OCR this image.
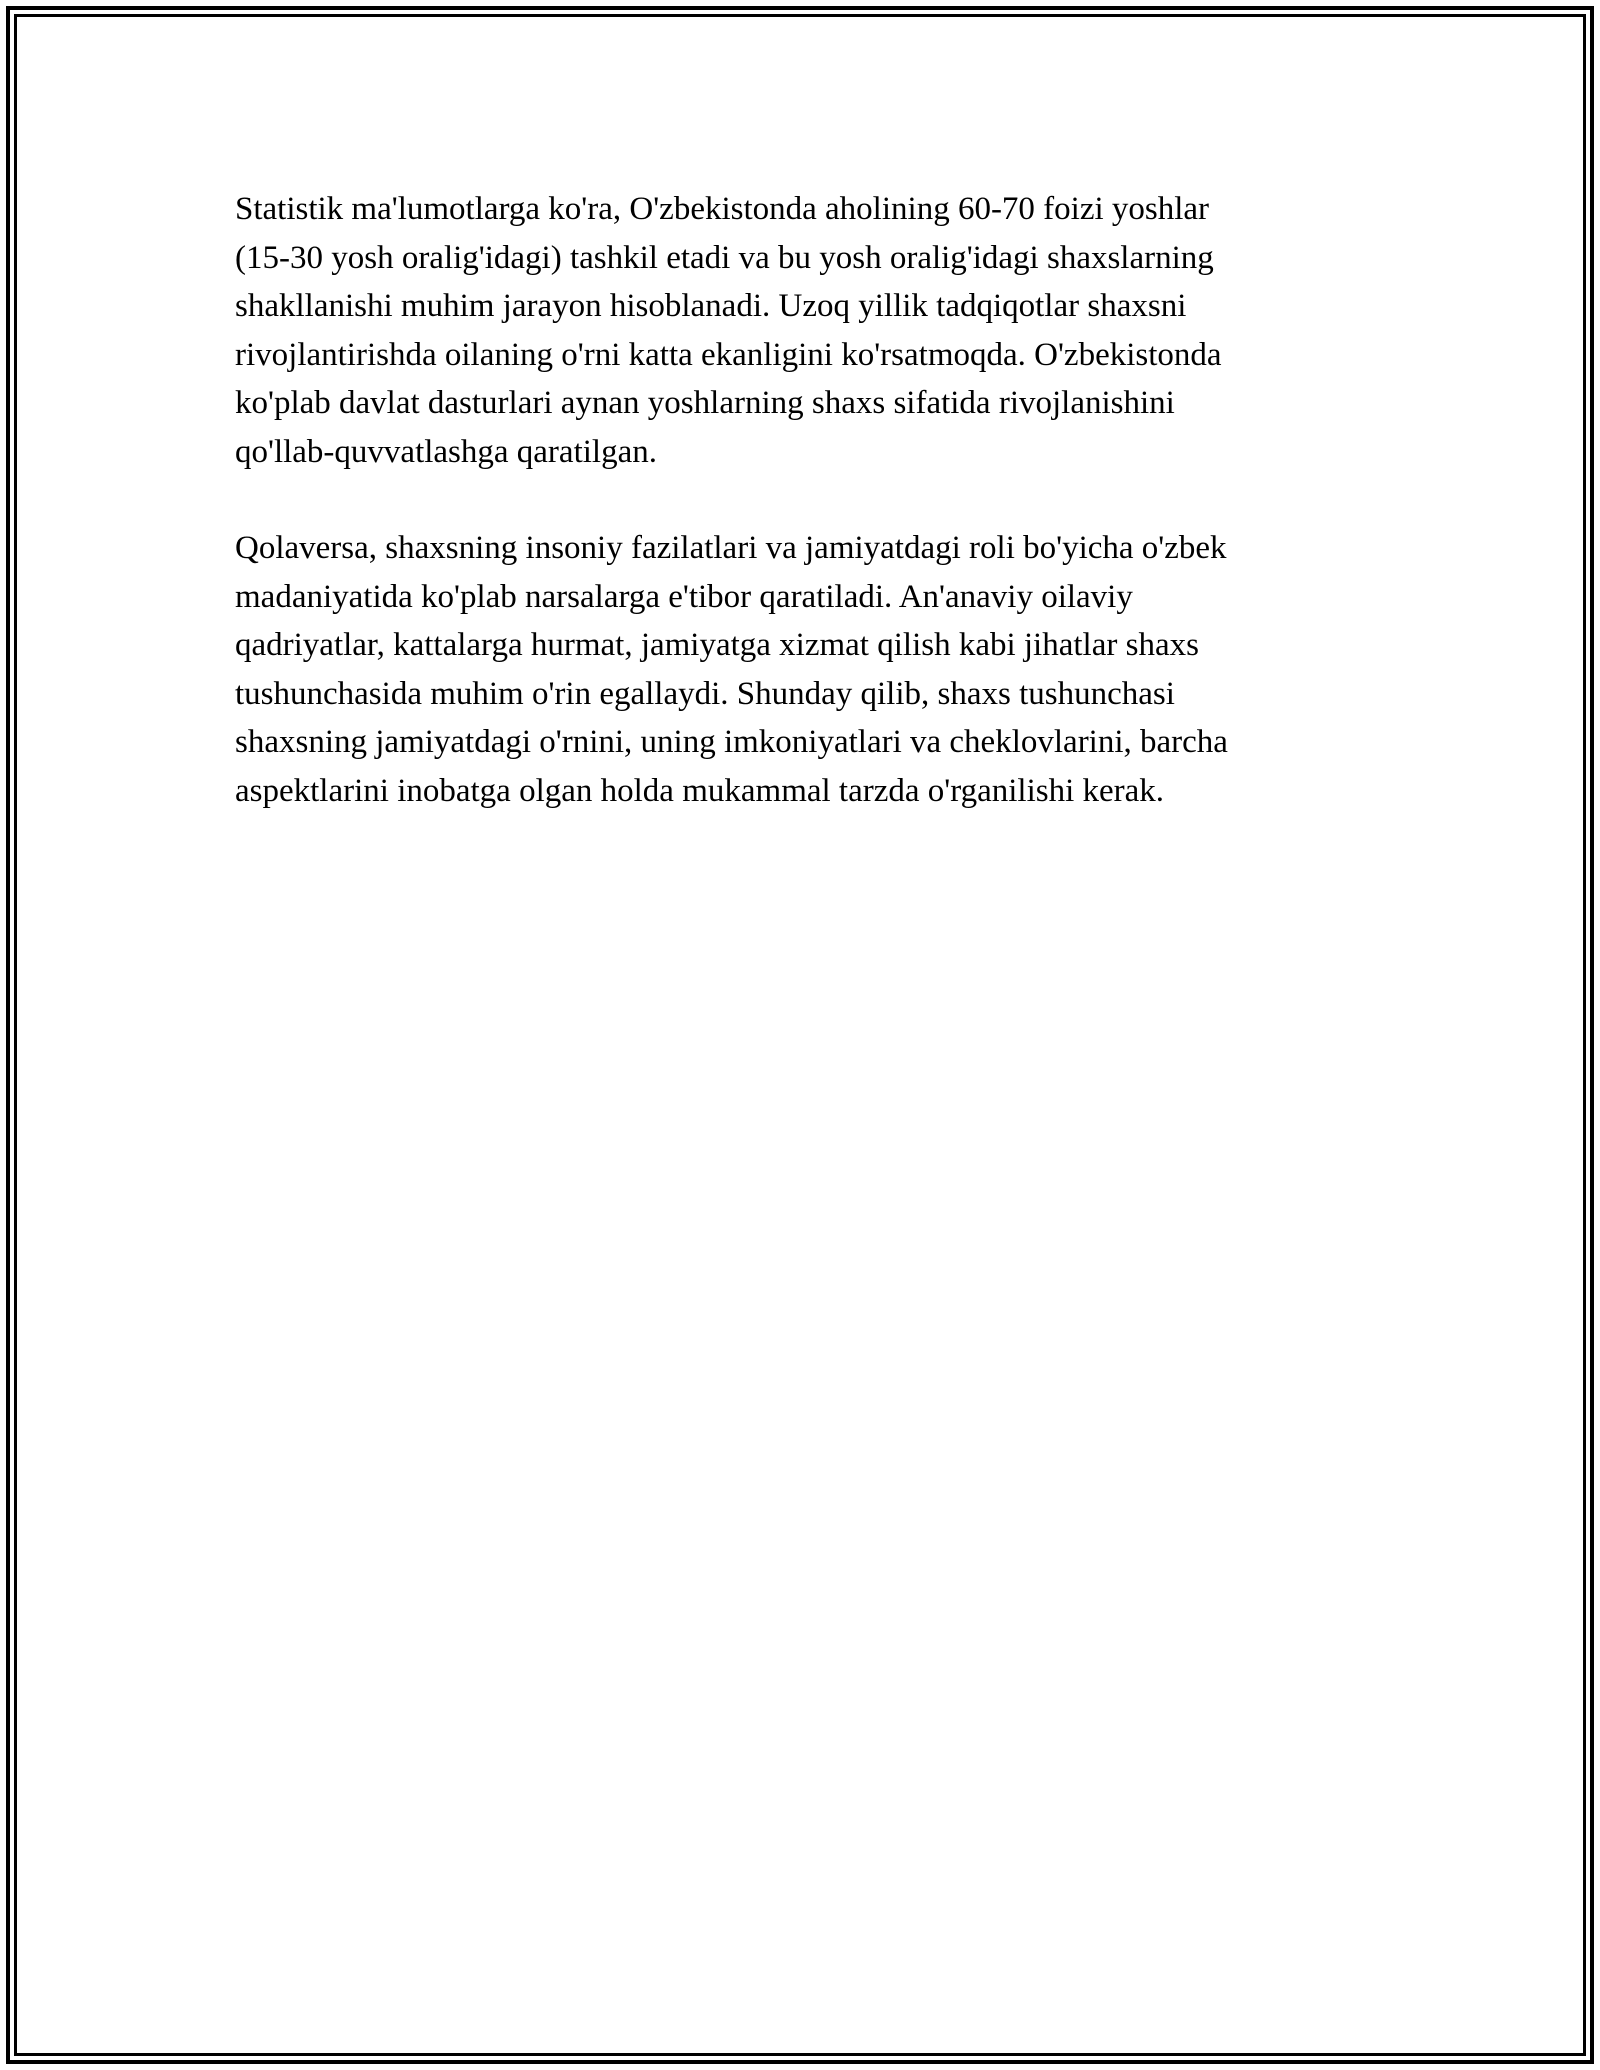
Statistik ma'lumotlarga ko'ra, O'zbekistonda aholining 60-70 foizi yoshlar
(15-30 yosh oralig'idagi) tashkil etadi va bu yosh oralig'idagi shaxslarning
shakllanishi muhim jarayon hisoblanadi. Uzoq yillik tadqiqotlar shaxsni
rivojlantirishda oilaning o'rni katta ekanligini ko'rsatmoqda. O'zbekistonda
ko'plab davlat dasturlari aynan yoshlarning shaxs sifatida rivojlanishini
qo'llab-quvvatlashga qaratilgan.

Qolaversa, shaxsning insoniy fazilatlari va jamiyatdagi roli bo'yicha o'zbek
madaniyatida ko'plab narsalarga e'tibor qaratiladi. An'anaviy oilaviy
qadriyatlar, kattalarga hurmat, jamiyatga xizmat qilish kabi jihatlar shaxs
tushunchasida muhim o'rin egallaydi. Shunday qilib, shaxs tushunchasi
shaxsning jamiyatdagi o'rnini, uning imkoniyatlari va cheklovlarini, barcha
aspektlarini inobatga olgan holda mukammal tarzda o'rganilishi kerak.
